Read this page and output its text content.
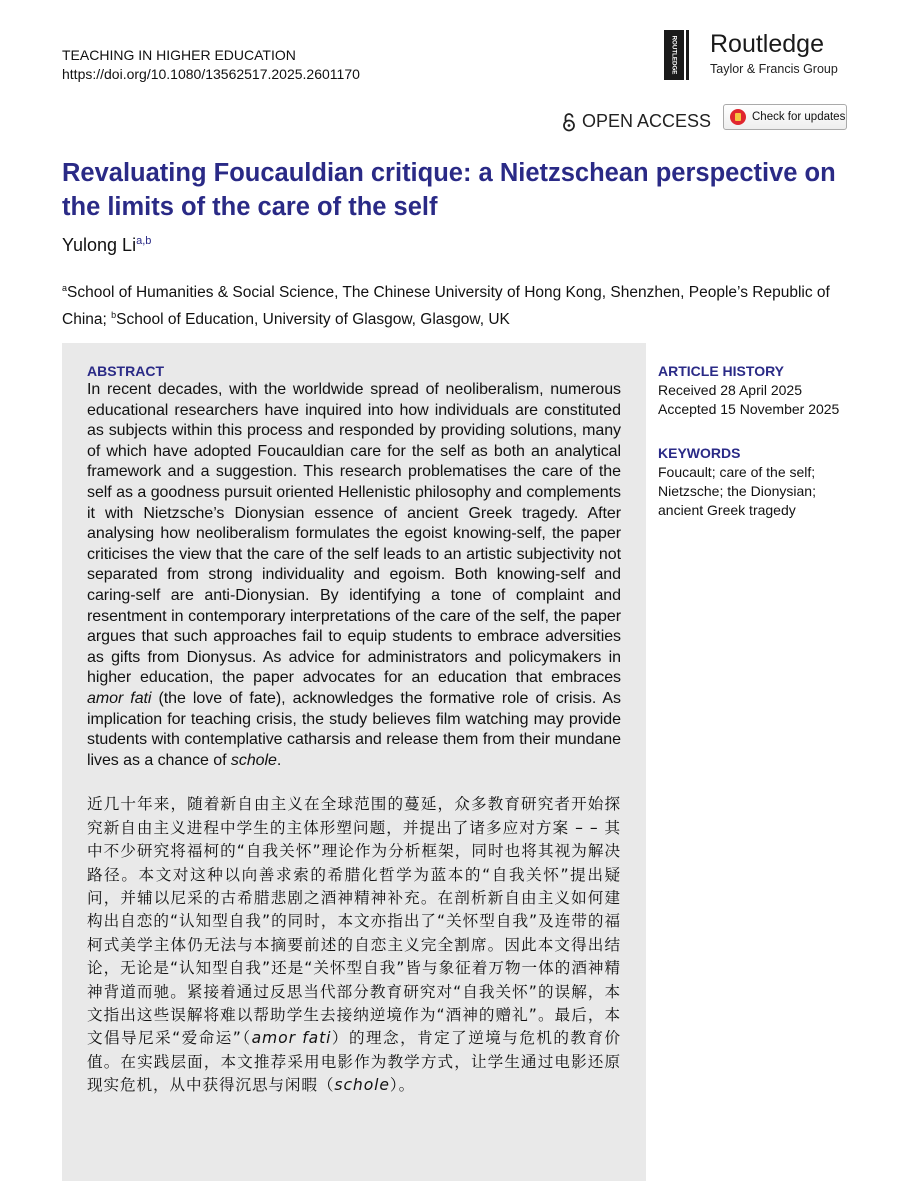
TEACHING IN HIGHER EDUCATION
https://doi.org/10.1080/13562517.2025.2601170	ROUTLEDGE Routledge
Taylor & Francis Group
OPEN ACCESS	Check for updates
Revaluating Foucauldian critique: a Nietzschean perspective on the limits of the care of the self
Yulong Li$^{a,b}$
$^a$School of Humanities & Social Science, The Chinese University of Hong Kong, Shenzhen, People’s Republic of China; $^b$School of Education, University of Glasgow, Glasgow, UK
ABSTRACT

In recent decades, with the worldwide spread of neoliberalism, numerous educational researchers have inquired into how individuals are constituted as subjects within this process and responded by providing solutions, many of which have adopted Foucauldian care for the self as both an analytical framework and a suggestion. This research problematises the care of the self as a goodness pursuit oriented Hellenistic philosophy and complements it with Nietzsche’s Dionysian essence of ancient Greek tragedy. After analysing how neoliberalism formulates the egoist knowing-self, the paper criticises the view that the care of the self leads to an artistic subjectivity not separated from strong individuality and egoism. Both knowing-self and caring-self are anti-Dionysian. By identifying a tone of complaint and resentment in contemporary interpretations of the care of the self, the paper argues that such approaches fail to equip students to embrace adversities as gifts from Dionysus. As advice for administrators and policymakers in higher education, the paper advocates for an education that embraces amor fati (the love of fate), acknowledges the formative role of crisis. As implication for teaching crisis, the study believes film watching may provide students with contemplative catharsis and release them from their mundane lives as a chance of schole.

近几十年来，随着新自由主义在全球范围的蔓延，众多教育研究者开始探究新自由主义进程中学生的主体形塑问题，并提出了诸多应对方案 – – 其中不少研究将福柯的“自我关怀”理论作为分析框架，同时也将其视为解决路径。本文对这种以向善求索的希腊化哲学为蓝本的“自我关怀”提出疑问，并辅以尼采的古希腊悲剧之酒神精神补充。在剖析新自由主义如何建构出自恋的“认知型自我”的同时，本文亦指出了“关怀型自我”及连带的福柯式美学主体仍无法与本摘要前述的自恋主义完全割席。因此本文得出结论，无论是“认知型自我”还是“关怀型自我”皆与象征着万物一体的酒神精神背道而驰。紧接着通过反思当代部分教育研究对“自我关怀”的误解，本文指出这些误解将难以帮助学生去接纳逆境作为“酒神的赠礼”。最后，本文倡导尼采“爱命运”（amor fati）的理念，肯定了逆境与危机的教育价值。在实践层面，本文推荐采用电影作为教学方式，让学生通过电影还原现实危机，从中获得沉思与闲暇（schole）。

ARTICLE HISTORY
Received 28 April 2025
Accepted 15 November 2025
KEYWORDS
Foucault; care of the self; Nietzsche; the Dionysian; ancient Greek tragedy
